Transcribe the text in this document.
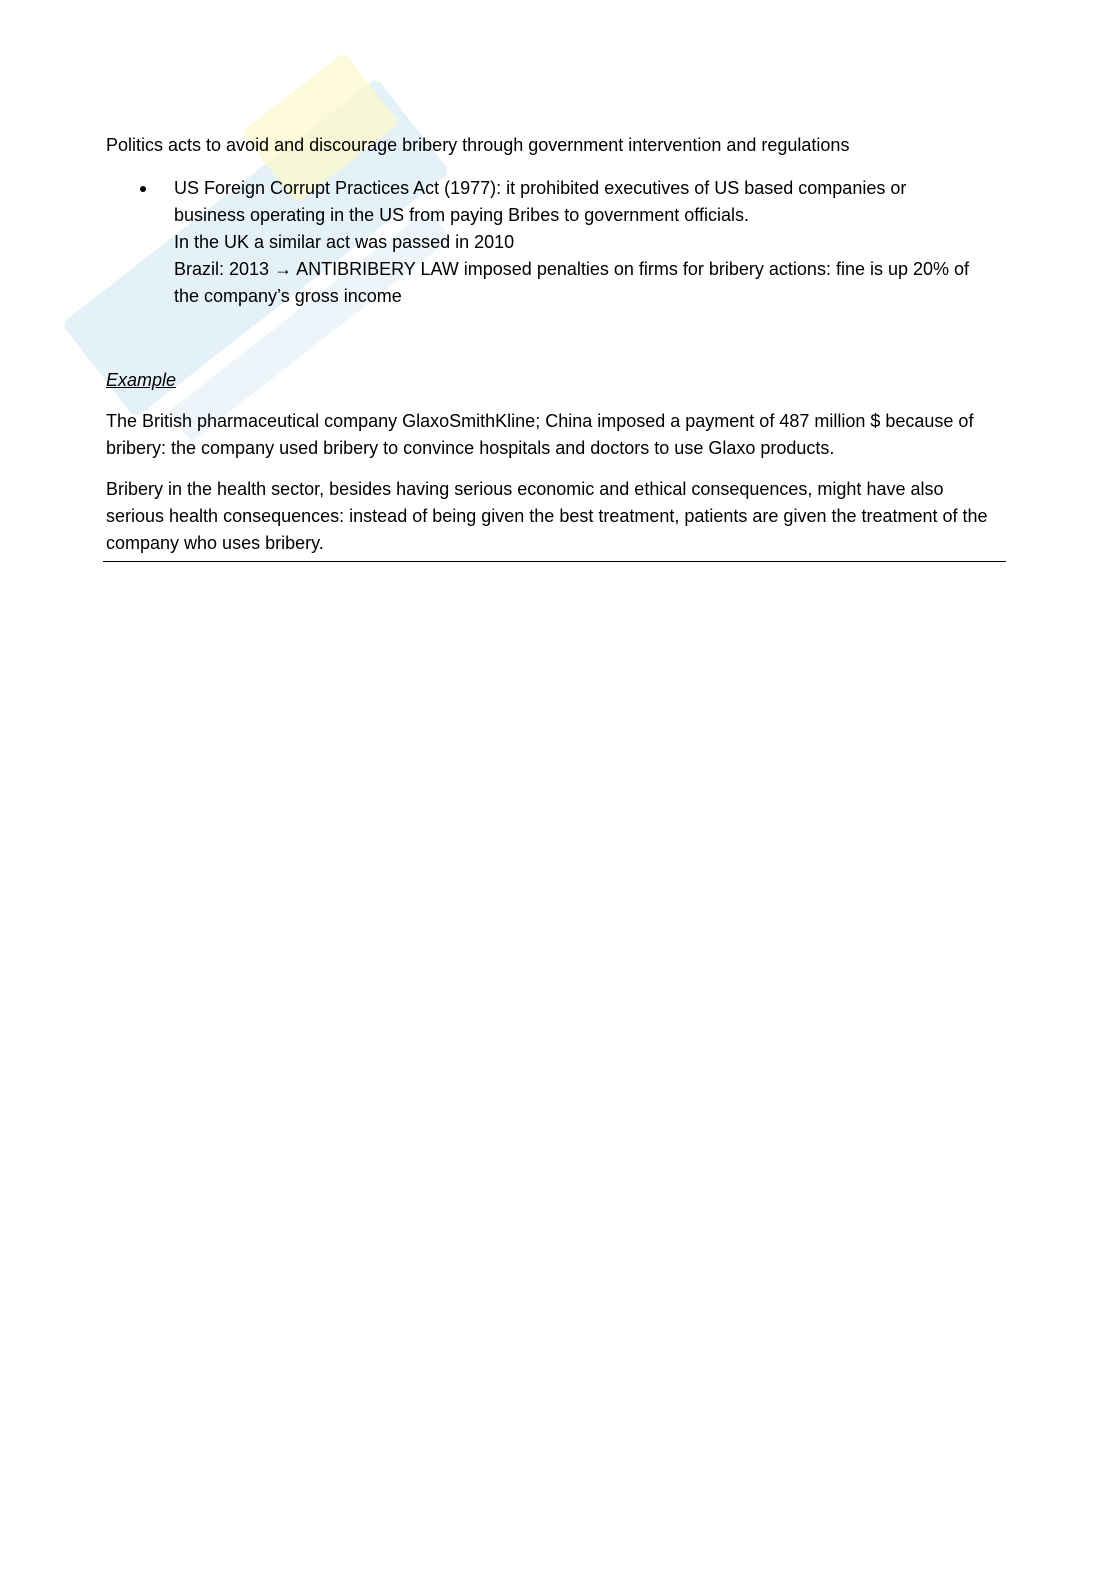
Politics acts to avoid and discourage bribery through government intervention and regulations

US Foreign Corrupt Practices Act (1977): it prohibited executives of US based companies or
business operating in the US from paying Bribes to government officials.
In the UK a similar act was passed in 2010
Brazil: 2013 → ANTIBRIBERY LAW imposed penalties on firms for bribery actions: fine is up 20% of
the company’s gross income

Example

The British pharmaceutical company GlaxoSmithKline; China imposed a payment of 487 million $ because of bribery: the company used bribery to convince hospitals and doctors to use Glaxo products.

Bribery in the health sector, besides having serious economic and ethical consequences, might have also serious health consequences: instead of being given the best treatment, patients are given the treatment of the company who uses bribery.
